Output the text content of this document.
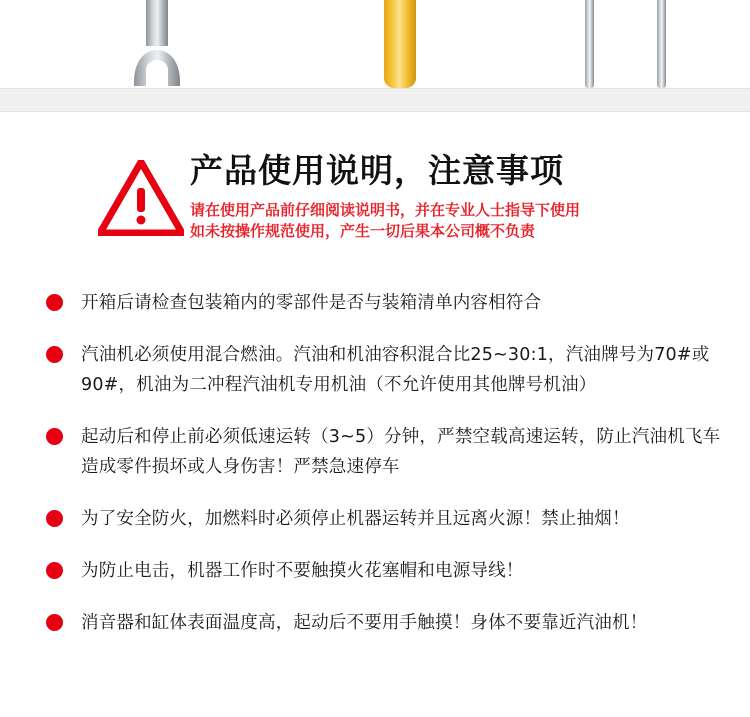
产品使用说明，注意事项
请在使用产品前仔细阅读说明书，并在专业人士指导下使用
如未按操作规范使用，产生一切后果本公司概不负责
开箱后请检查包装箱内的零部件是否与装箱清单内容相符合
汽油机必须使用混合燃油。汽油和机油容积混合比25~30:1，汽油牌号为70#或90#，机油为二冲程汽油机专用机油（不允许使用其他牌号机油）
起动后和停止前必须低速运转（3~5）分钟，严禁空载高速运转，防止汽油机飞车造成零件损坏或人身伤害！严禁急速停车
为了安全防火，加燃料时必须停止机器运转并且远离火源！禁止抽烟！
为防止电击，机器工作时不要触摸火花塞帽和电源导线！
消音器和缸体表面温度高，起动后不要用手触摸！身体不要靠近汽油机！
